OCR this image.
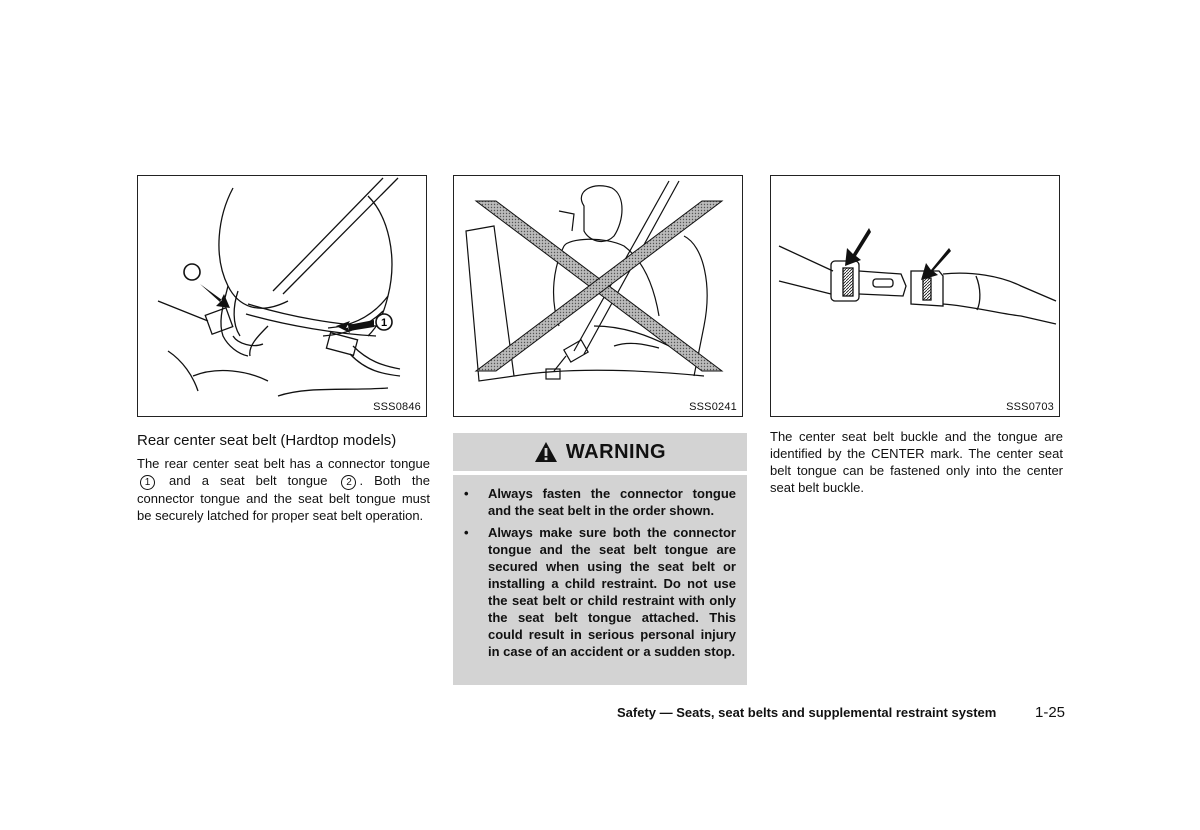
1
SSS0846	SSS0241	SSS0703
Rear center seat belt (Hardtop models)
The rear center seat belt has a connector tongue 1 and a seat belt tongue 2 . Both the connector tongue and the seat belt tongue must be securely latched for proper seat belt operation.
WARNING
• Always fasten the connector tongue and the seat belt in the order shown.
• Always make sure both the connector tongue and the seat belt tongue are secured when using the seat belt or installing a child restraint. Do not use the seat belt or child restraint with only the seat belt tongue attached. This could result in serious personal injury in case of an accident or a sudden stop.
The center seat belt buckle and the tongue are identified by the CENTER mark. The center seat belt tongue can be fastened only into the center seat belt buckle.
Safety — Seats, seat belts and supplemental restraint system	1-25
